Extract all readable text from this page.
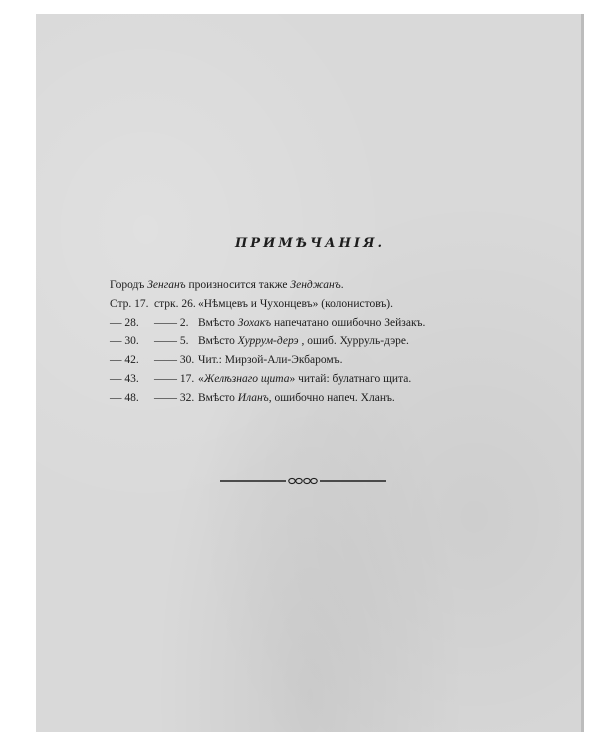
ПРИМѢЧАНІЯ.
Городъ Зенганъ произносится также Зенджанъ.
Стр. 17. стрк. 26. «Нѣмцевъ и Чухонцевъ» (колонистовъ).
— 28. —— 2. Вмѣсто Зохакъ напечатано ошибочно Зейзакъ.
— 30. —— 5. Вмѣсто Хуррум-дерэ , ошиб. Хурруль-дэре.
— 42. —— 30. Чит.: Мирзой-Али-Экбаромъ.
— 43. —— 17. «Желѣзнаго щита» читай: булатнаго щита.
— 48. —— 32. Вмѣсто Иланъ, ошибочно напеч. Хланъ.
